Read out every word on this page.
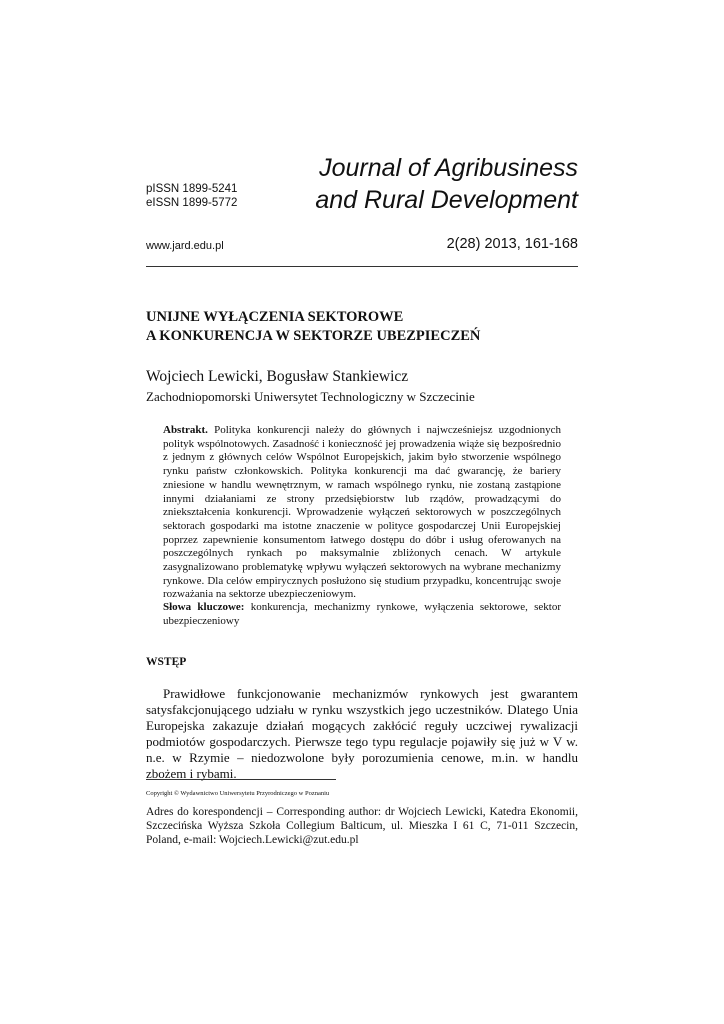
pISSN 1899-5241
eISSN 1899-5772
Journal of Agribusiness
and Rural Development
www.jard.edu.pl	2(28) 2013, 161-168
UNIJNE WYŁĄCZENIA SEKTOROWE
A KONKURENCJA W SEKTORZE UBEZPIECZEŃ
Wojciech Lewicki, Bogusław Stankiewicz
Zachodniopomorski Uniwersytet Technologiczny w Szczecinie
Abstrakt. Polityka konkurencji należy do głównych i najwcześniejsz uzgodnionych polityk wspólnotowych. Zasadność i konieczność jej prowadzenia wiąże się bezpośrednio z jednym z głównych celów Wspólnot Europejskich, jakim było stworzenie wspólnego rynku państw członkowskich. Polityka konkurencji ma dać gwarancję, że bariery zniesione w handlu wewnętrznym, w ramach wspólnego rynku, nie zostaną zastąpione innymi działaniami ze strony przedsiębiorstw lub rządów, prowadzącymi do zniekształcenia konkurencji. Wprowadzenie wyłączeń sektorowych w poszczególnych sektorach gospodarki ma istotne znaczenie w polityce gospodarczej Unii Europejskiej poprzez zapewnienie konsumentom łatwego dostępu do dóbr i usług oferowanych na poszczególnych rynkach po maksymalnie zbliżonych cenach. W artykule zasygnalizowano problematykę wpływu wyłączeń sektorowych na wybrane mechanizmy rynkowe. Dla celów empirycznych posłużono się studium przypadku, koncentrując swoje rozważania na sektorze ubezpieczeniowym.
Słowa kluczowe: konkurencja, mechanizmy rynkowe, wyłączenia sektorowe, sektor ubezpieczeniowy
WSTĘP
Prawidłowe funkcjonowanie mechanizmów rynkowych jest gwarantem satysfakcjonującego udziału w rynku wszystkich jego uczestników. Dlatego Unia Europejska zakazuje działań mogących zakłócić reguły uczciwej rywalizacji podmiotów gospodarczych. Pierwsze tego typu regulacje pojawiły się już w V w. n.e. w Rzymie – niedozwolone były porozumienia cenowe, m.in. w handlu zbożem i rybami.
Copyright © Wydawnictwo Uniwersytetu Przyrodniczego w Poznaniu
Adres do korespondencji – Corresponding author: dr Wojciech Lewicki, Katedra Ekonomii, Szczecińska Wyższa Szkoła Collegium Balticum, ul. Mieszka I 61 C, 71-011 Szczecin, Poland, e-mail: Wojciech.Lewicki@zut.edu.pl
